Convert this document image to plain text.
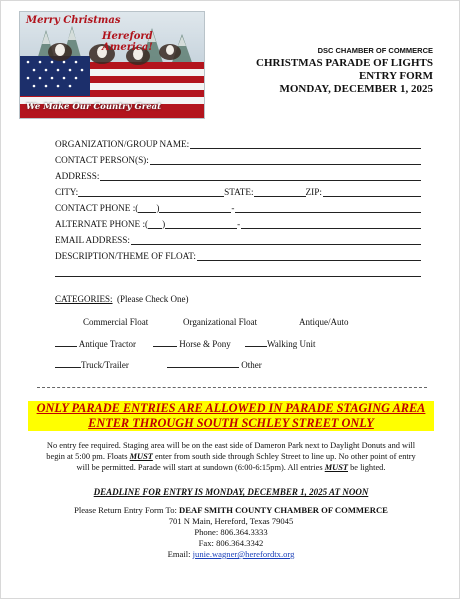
Merry Christmas
Hereford America!
We Make Our Country Great
DSC CHAMBER OF COMMERCE
CHRISTMAS PARADE OF LIGHTS
ENTRY FORM
MONDAY, DECEMBER 1, 2025
ORGANIZATION/GROUP NAME:
CONTACT PERSON(S):
ADDRESS:
CITY:	STATE:	ZIP:
CONTACT PHONE :( )	-
ALTERNATE PHONE :( )	-
EMAIL ADDRESS:
DESCRIPTION/THEME OF FLOAT:
CATEGORIES: (Please Check One)
Commercial Float	Organizational Float	Antique/Auto
Antique Tractor	Horse & Pony	Walking Unit
Truck/Trailer	Other
ONLY PARADE ENTRIES ARE ALLOWED IN PARADE STAGING AREA
ENTER THROUGH SOUTH SCHLEY STREET ONLY
No entry fee required. Staging area will be on the east side of Dameron Park next to Daylight Donuts and will
begin at 5:00 pm. Floats MUST enter from south side through Schley Street to line up. No other point of entry
will be permitted. Parade will start at sundown (6:00-6:15pm). All entries MUST be lighted.
DEADLINE FOR ENTRY IS MONDAY, DECEMBER 1, 2025 AT NOON
Please Return Entry Form To: DEAF SMITH COUNTY CHAMBER OF COMMERCE
701 N Main, Hereford, Texas 79045
Phone: 806.364.3333
Fax: 806.364.3342
Email: junie.wagner@herefordtx.org
